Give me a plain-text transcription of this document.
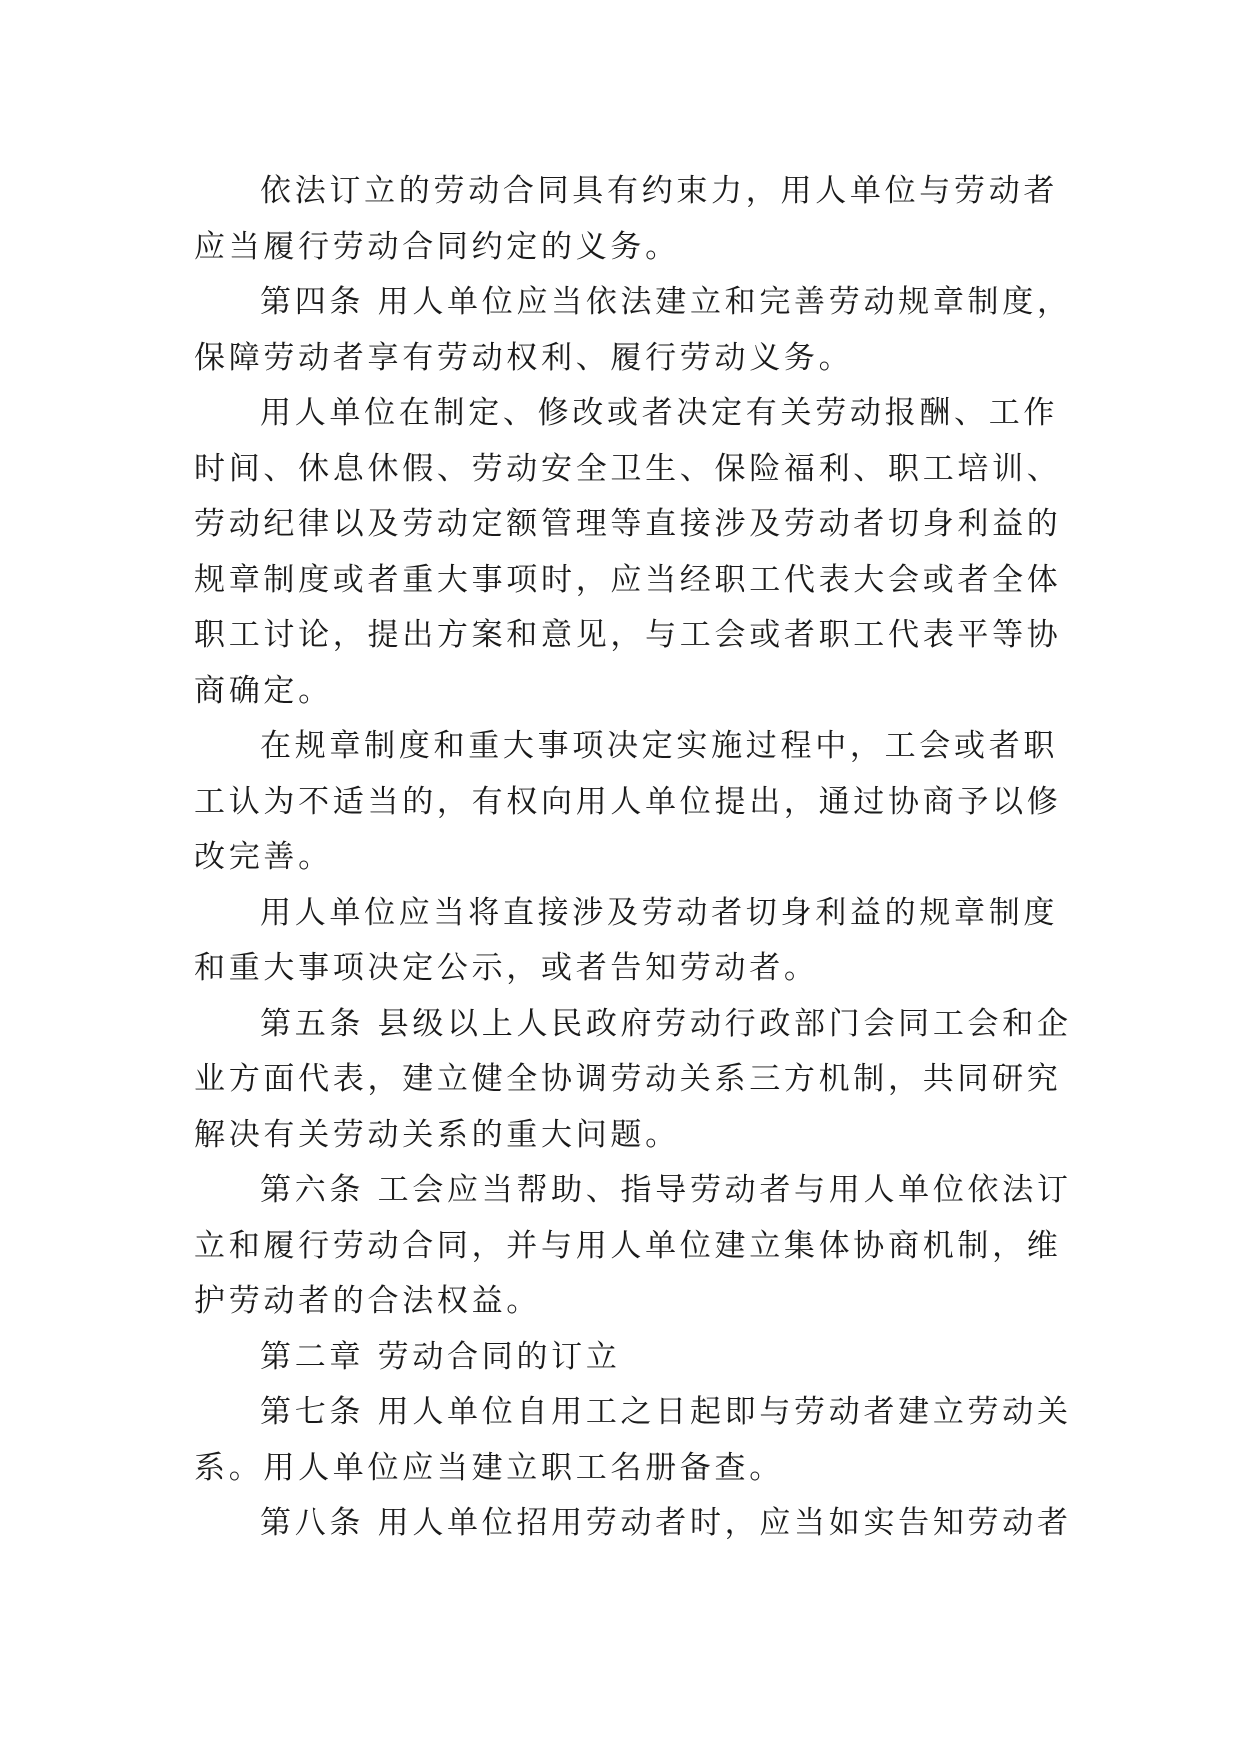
依法订立的劳动合同具有约束力，用人单位与劳动者应当履行劳动合同约定的义务。

第四条 用人单位应当依法建立和完善劳动规章制度，保障劳动者享有劳动权利、履行劳动义务。

用人单位在制定、修改或者决定有关劳动报酬、工作时间、休息休假、劳动安全卫生、保险福利、职工培训、劳动纪律以及劳动定额管理等直接涉及劳动者切身利益的规章制度或者重大事项时，应当经职工代表大会或者全体职工讨论，提出方案和意见，与工会或者职工代表平等协商确定。

在规章制度和重大事项决定实施过程中，工会或者职工认为不适当的，有权向用人单位提出，通过协商予以修改完善。

用人单位应当将直接涉及劳动者切身利益的规章制度和重大事项决定公示，或者告知劳动者。

第五条 县级以上人民政府劳动行政部门会同工会和企业方面代表，建立健全协调劳动关系三方机制，共同研究解决有关劳动关系的重大问题。

第六条 工会应当帮助、指导劳动者与用人单位依法订立和履行劳动合同，并与用人单位建立集体协商机制，维护劳动者的合法权益。

第二章 劳动合同的订立

第七条 用人单位自用工之日起即与劳动者建立劳动关系。用人单位应当建立职工名册备查。

第八条 用人单位招用劳动者时，应当如实告知劳动者
